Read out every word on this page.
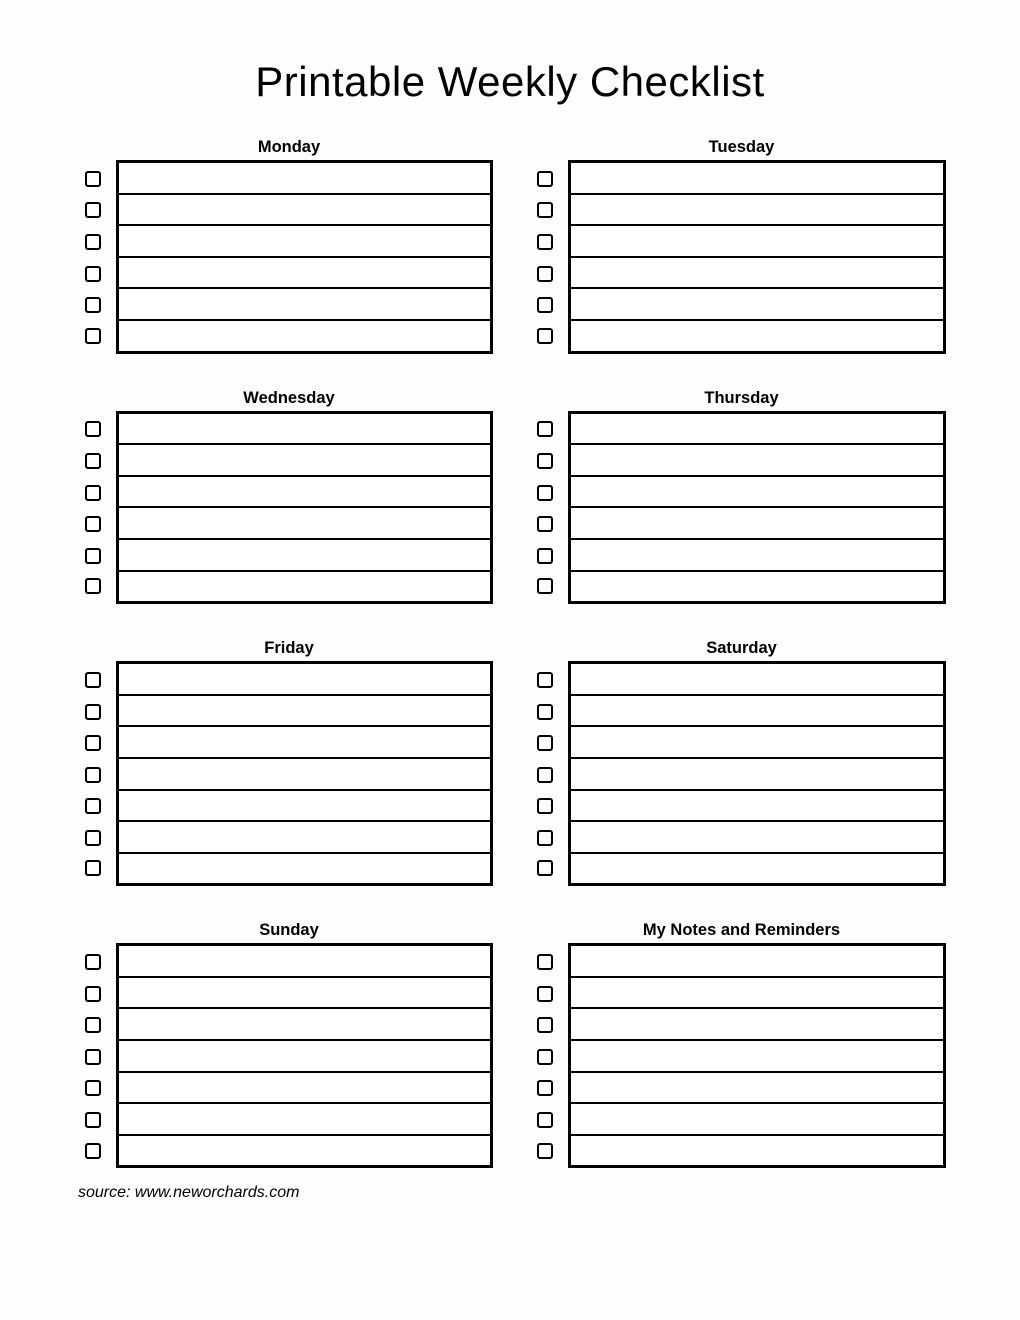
Printable Weekly Checklist
Monday	Tuesday
Wednesday	Thursday
Friday	Saturday
Sunday	My Notes and Reminders
source: www.neworchards.com
